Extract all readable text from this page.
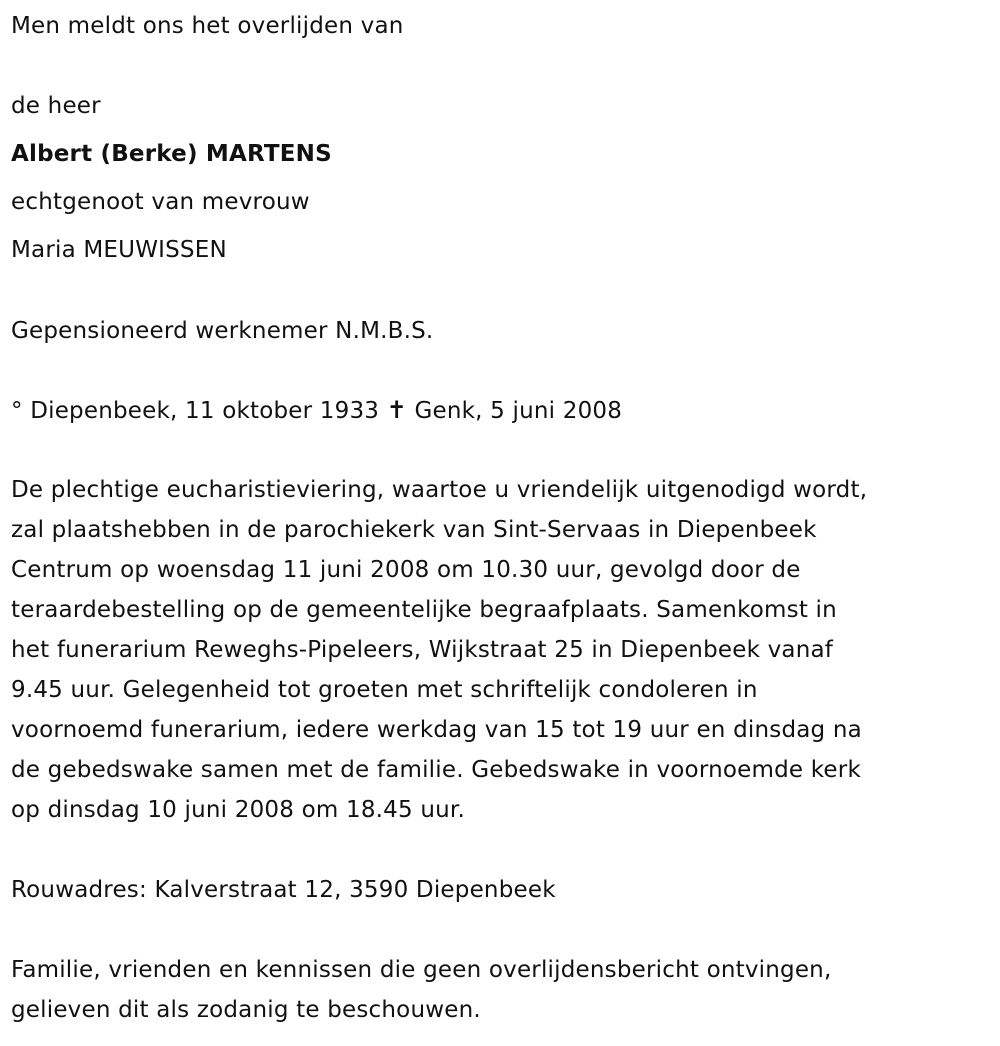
Men meldt ons het overlijden van
de heer
Albert (Berke) MARTENS
echtgenoot van mevrouw
Maria MEUWISSEN
Gepensioneerd werknemer N.M.B.S.
° Diepenbeek, 11 oktober 1933 ✝ Genk, 5 juni 2008
De plechtige eucharistieviering, waartoe u vriendelijk uitgenodigd wordt,
zal plaatshebben in de parochiekerk van Sint-Servaas in Diepenbeek
Centrum op woensdag 11 juni 2008 om 10.30 uur, gevolgd door de
teraardebestelling op de gemeentelijke begraafplaats. Samenkomst in
het funerarium Reweghs-Pipeleers, Wijkstraat 25 in Diepenbeek vanaf
9.45 uur. Gelegenheid tot groeten met schriftelijk condoleren in
voornoemd funerarium, iedere werkdag van 15 tot 19 uur en dinsdag na
de gebedswake samen met de familie. Gebedswake in voornoemde kerk
op dinsdag 10 juni 2008 om 18.45 uur.
Rouwadres: Kalverstraat 12, 3590 Diepenbeek
Familie, vrienden en kennissen die geen overlijdensbericht ontvingen,
gelieven dit als zodanig te beschouwen.
